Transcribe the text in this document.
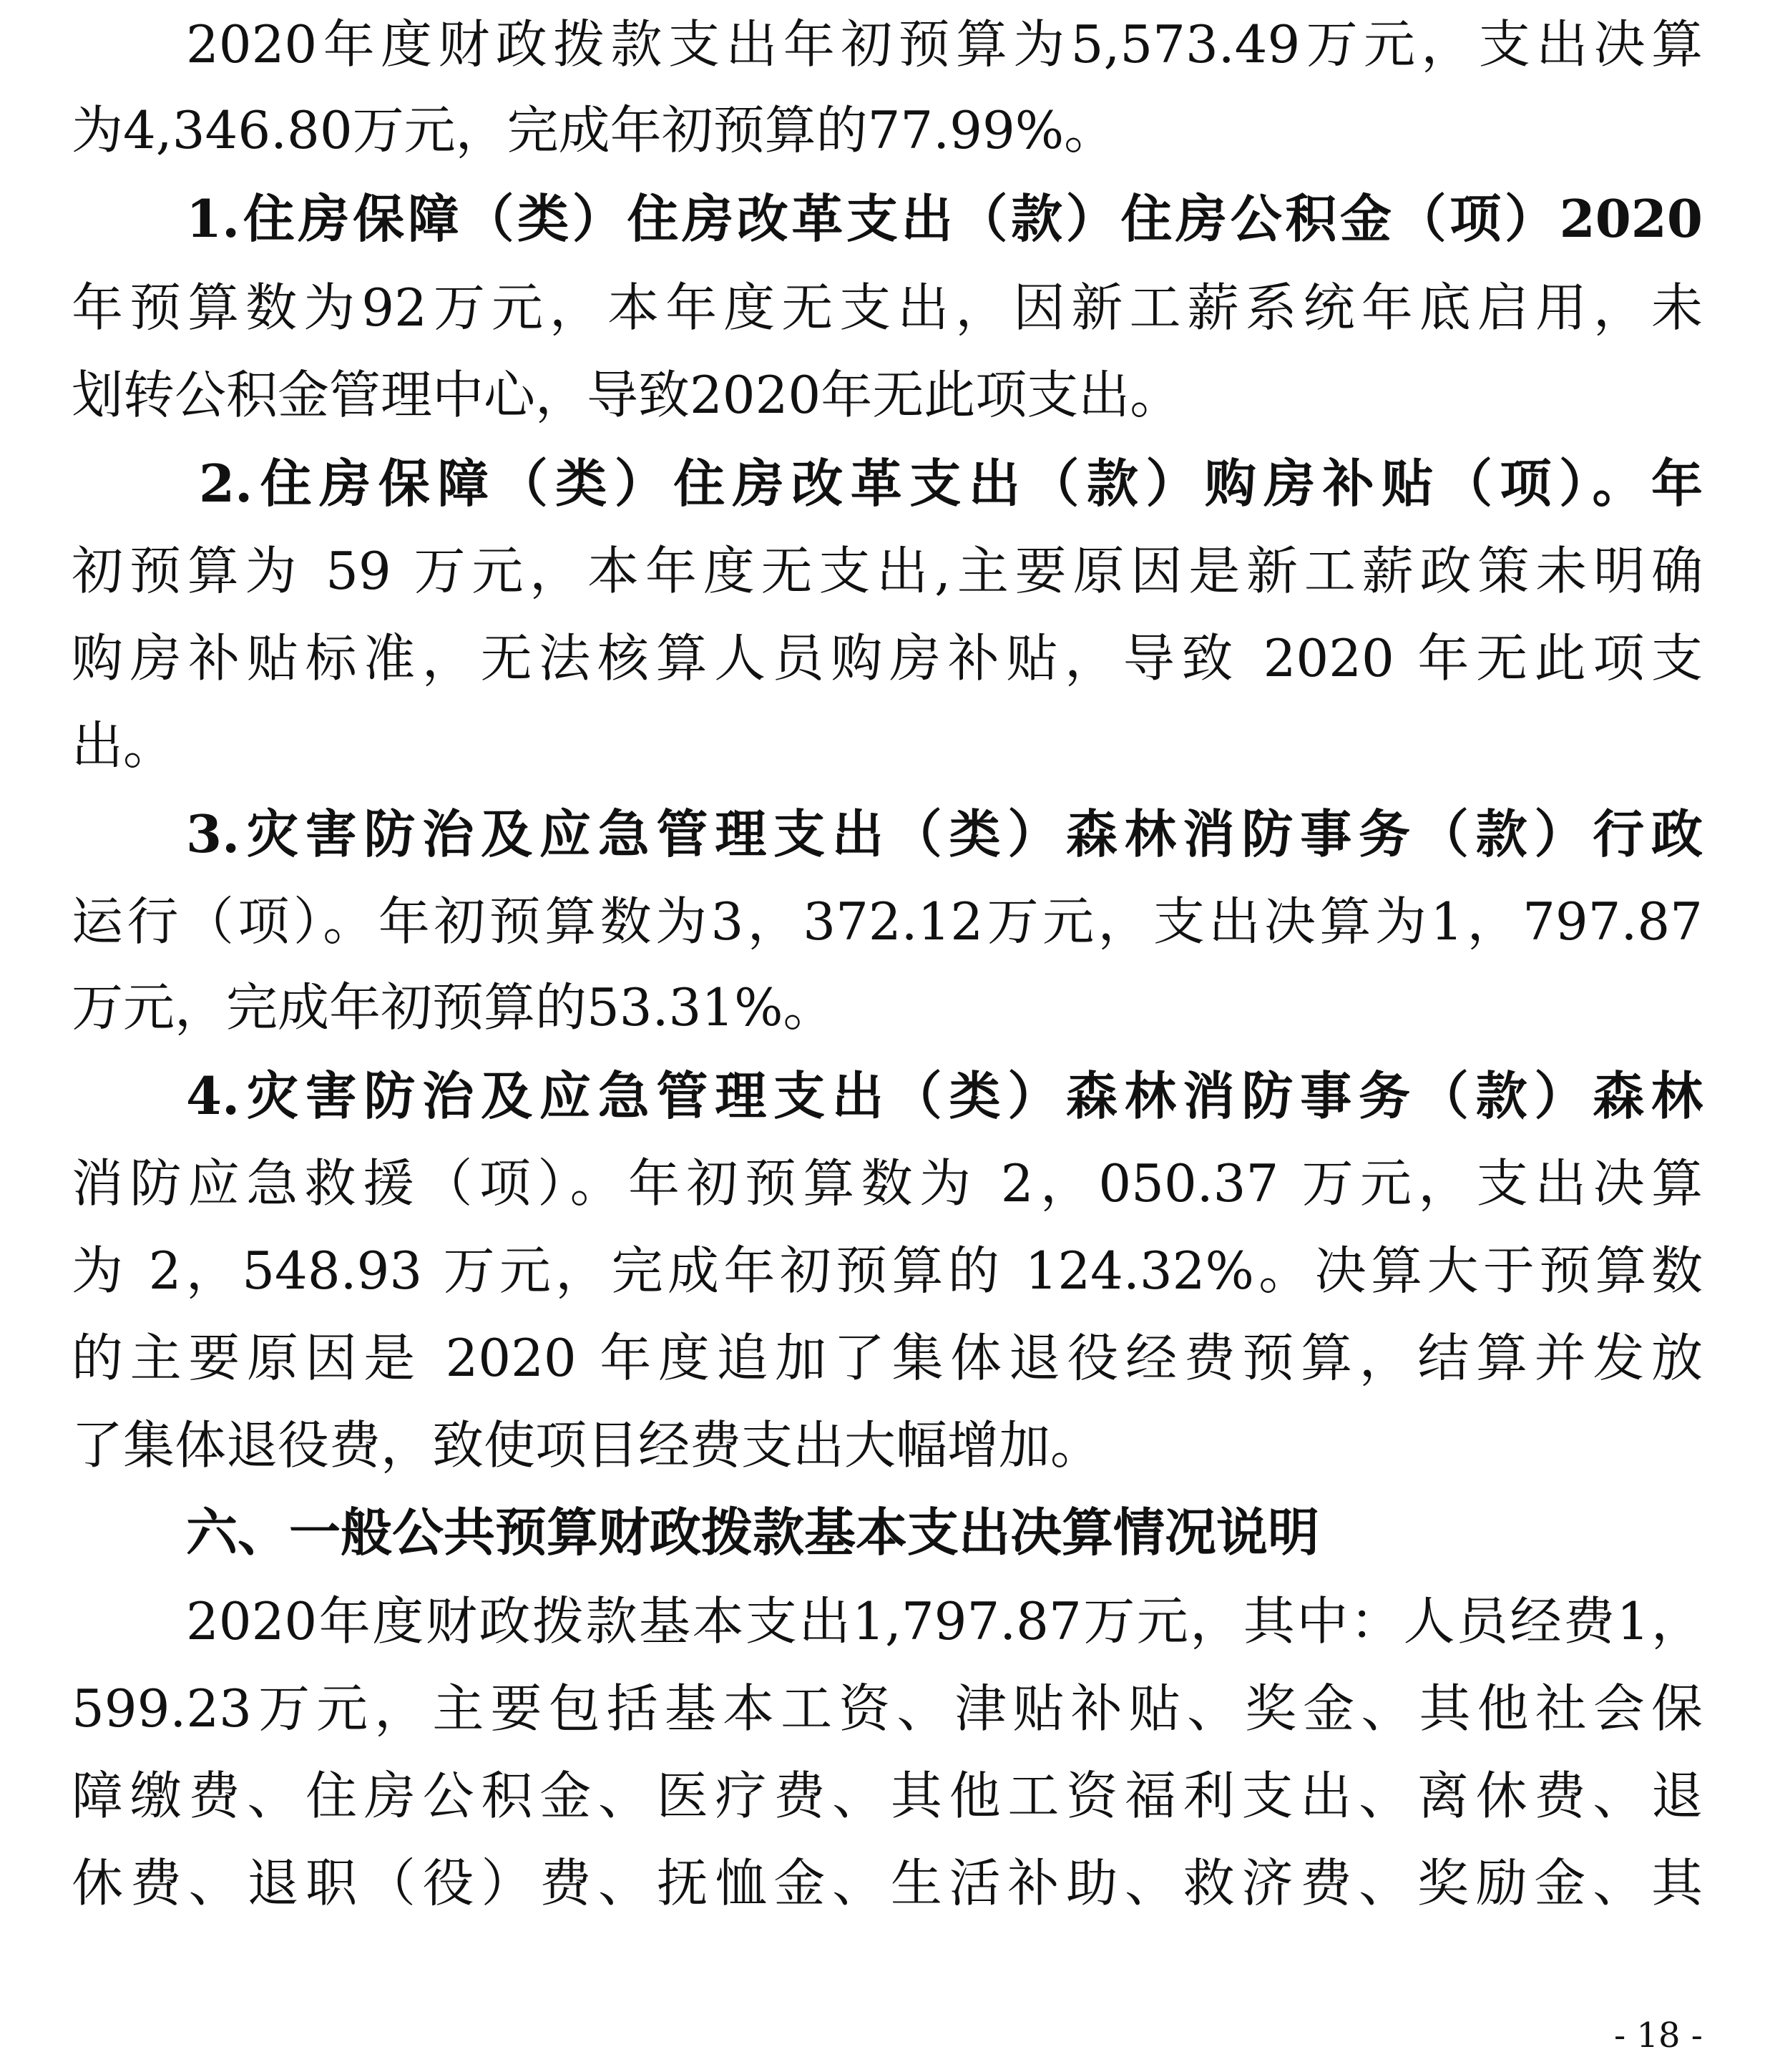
2020年度财政拨款支出年初预算为5,573.49万元，支出决算
为4,346.80万元，完成年初预算的77.99%。
1.住房保障（类）住房改革支出（款）住房公积金（项）2020
年预算数为92万元，本年度无支出，因新工薪系统年底启用，未
划转公积金管理中心，导致2020年无此项支出。
2.住房保障（类）住房改革支出（款）购房补贴（项）。年
初预算为 59 万元，本年度无支出,主要原因是新工薪政策未明确
购房补贴标准，无法核算人员购房补贴，导致 2020 年无此项支
出。
3.灾害防治及应急管理支出（类）森林消防事务（款）行政
运行（项）。年初预算数为3，372.12万元，支出决算为1，797.87
万元，完成年初预算的53.31%。
4.灾害防治及应急管理支出（类）森林消防事务（款）森林
消防应急救援（项）。年初预算数为 2，050.37 万元，支出决算
为 2，548.93 万元，完成年初预算的 124.32%。决算大于预算数
的主要原因是 2020 年度追加了集体退役经费预算，结算并发放
了集体退役费，致使项目经费支出大幅增加。
六、一般公共预算财政拨款基本支出决算情况说明
2020年度财政拨款基本支出1,797.87万元，其中：人员经费1，
599.23万元，主要包括基本工资、津贴补贴、奖金、其他社会保
障缴费、住房公积金、医疗费、其他工资福利支出、离休费、退
休费、退职（役）费、抚恤金、生活补助、救济费、奖励金、其
- 18 -
